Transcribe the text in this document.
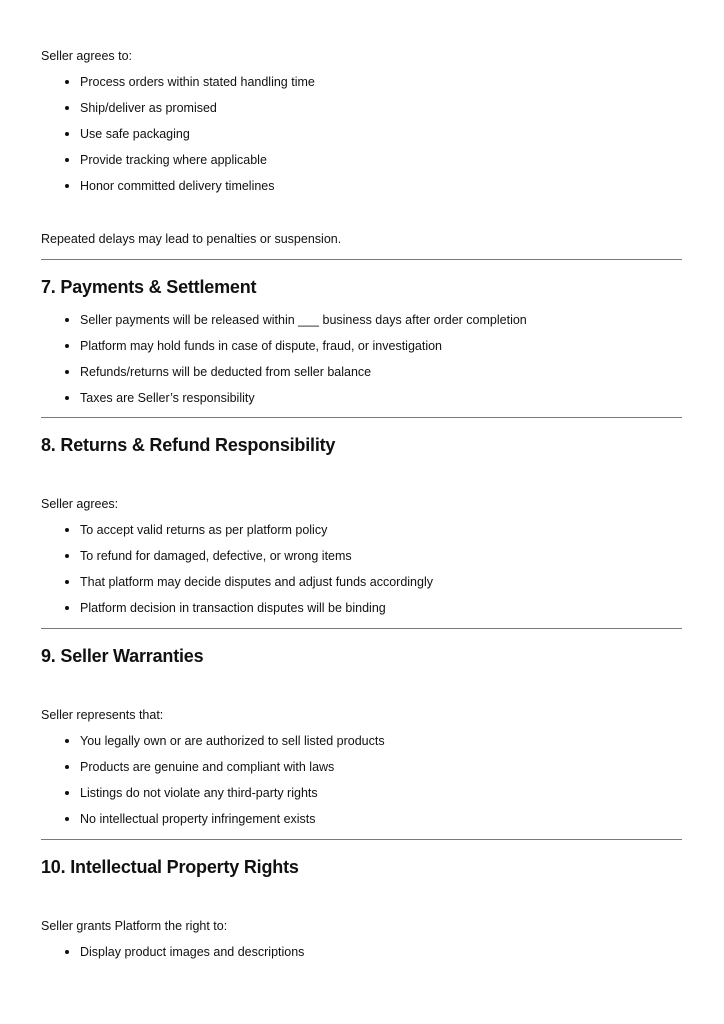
Seller agrees to:
Process orders within stated handling time
Ship/deliver as promised
Use safe packaging
Provide tracking where applicable
Honor committed delivery timelines
Repeated delays may lead to penalties or suspension.
7. Payments & Settlement
Seller payments will be released within ___ business days after order completion
Platform may hold funds in case of dispute, fraud, or investigation
Refunds/returns will be deducted from seller balance
Taxes are Seller’s responsibility
8. Returns & Refund Responsibility
Seller agrees:
To accept valid returns as per platform policy
To refund for damaged, defective, or wrong items
That platform may decide disputes and adjust funds accordingly
Platform decision in transaction disputes will be binding
9. Seller Warranties
Seller represents that:
You legally own or are authorized to sell listed products
Products are genuine and compliant with laws
Listings do not violate any third-party rights
No intellectual property infringement exists
10. Intellectual Property Rights
Seller grants Platform the right to:
Display product images and descriptions
